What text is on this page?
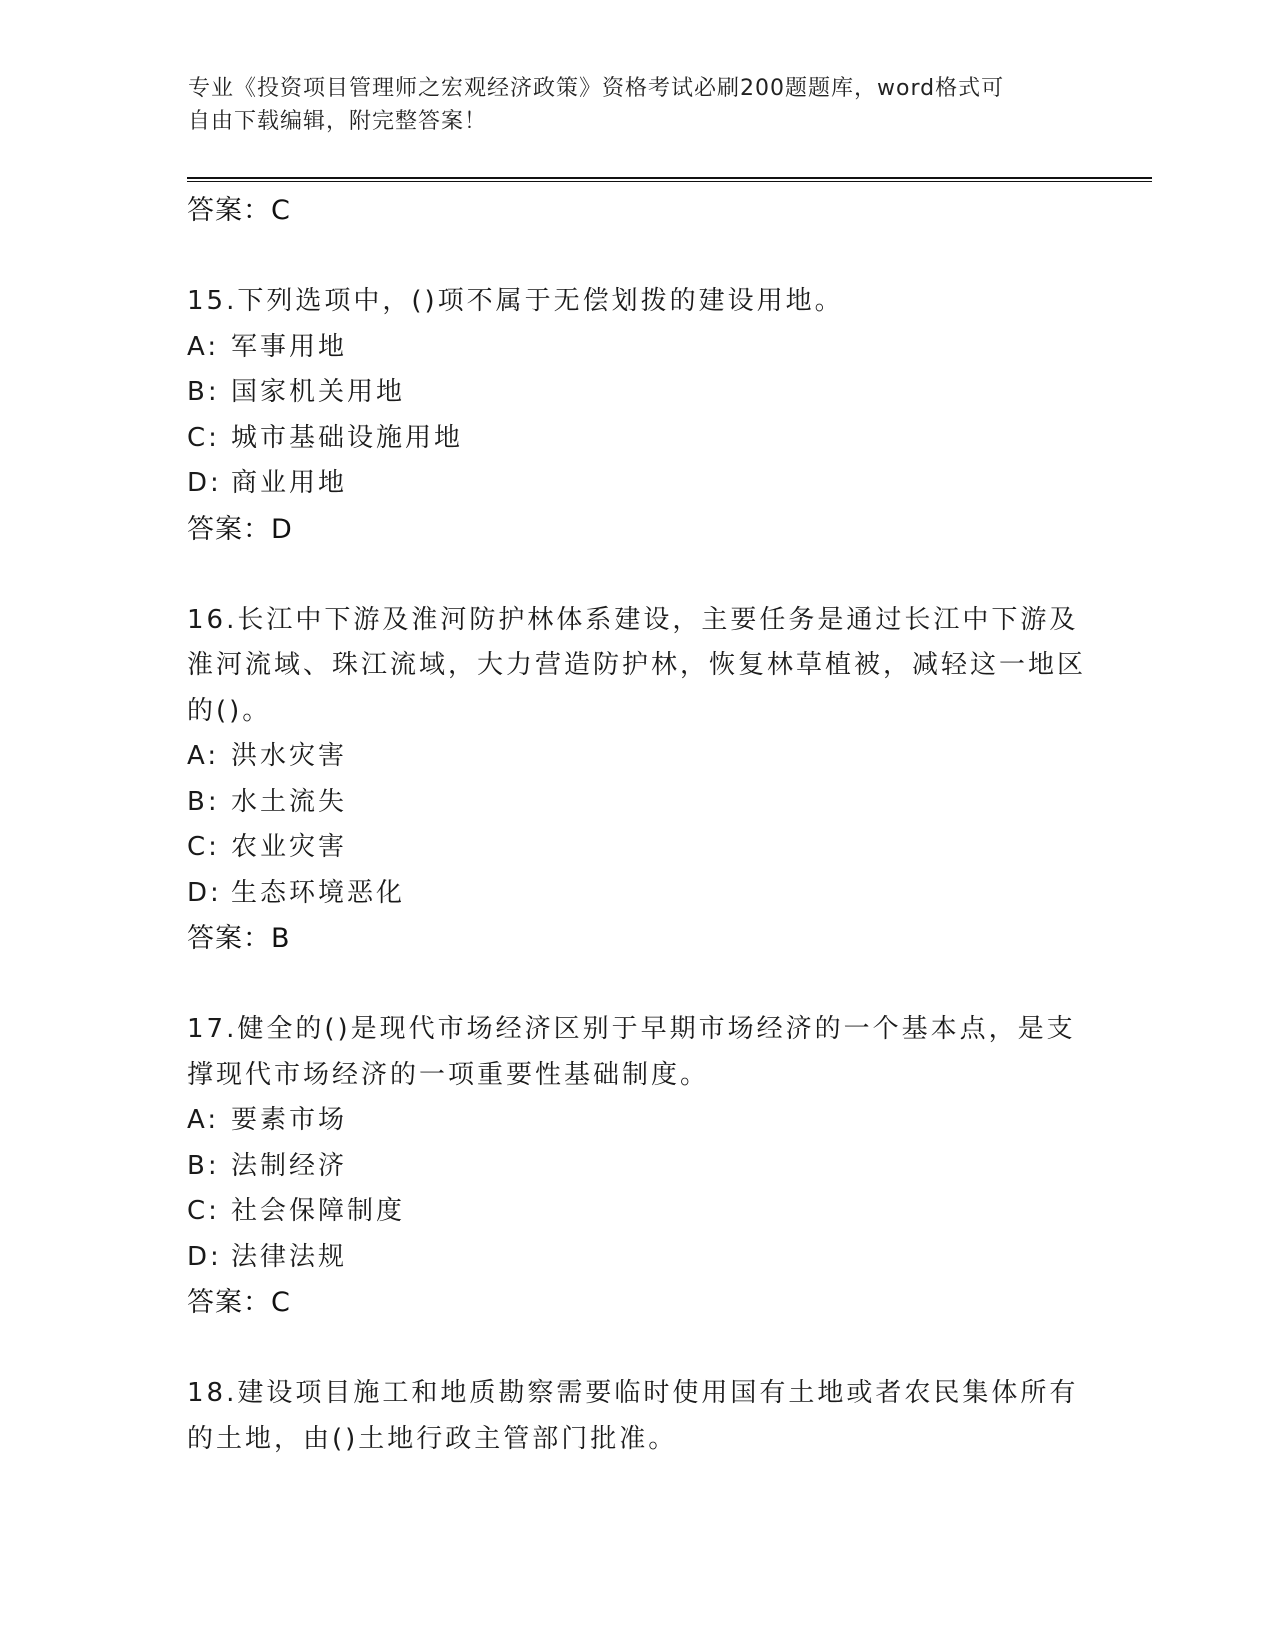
专业《投资项目管理师之宏观经济政策》资格考试必刷200题题库，word格式可
自由下载编辑，附完整答案！
答案：C
15.下列选项中，()项不属于无偿划拨的建设用地。
A: 军事用地
B: 国家机关用地
C: 城市基础设施用地
D: 商业用地
答案：D
16.长江中下游及淮河防护林体系建设，主要任务是通过长江中下游及淮河流域、珠江流域，大力营造防护林，恢复林草植被，减轻这一地区的()。
A: 洪水灾害
B: 水土流失
C: 农业灾害
D: 生态环境恶化
答案：B
17.健全的()是现代市场经济区别于早期市场经济的一个基本点，是支撑现代市场经济的一项重要性基础制度。
A: 要素市场
B: 法制经济
C: 社会保障制度
D: 法律法规
答案：C
18.建设项目施工和地质勘察需要临时使用国有土地或者农民集体所有的土地，由()土地行政主管部门批准。
